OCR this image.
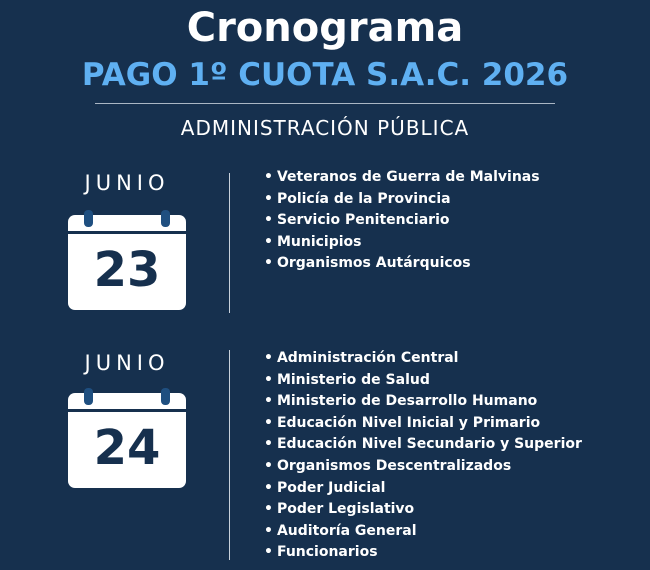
Cronograma
PAGO 1º CUOTA S.A.C. 2026
ADMINISTRACIÓN PÚBLICA
JUNIO
23
• Veteranos de Guerra de Malvinas
• Policía de la Provincia
• Servicio Penitenciario
• Municipios
• Organismos Autárquicos
JUNIO
24
• Administración Central
• Ministerio de Salud
• Ministerio de Desarrollo Humano
• Educación Nivel Inicial y Primario
• Educación Nivel Secundario y Superior
• Organismos Descentralizados
• Poder Judicial
• Poder Legislativo
• Auditoría General
• Funcionarios
